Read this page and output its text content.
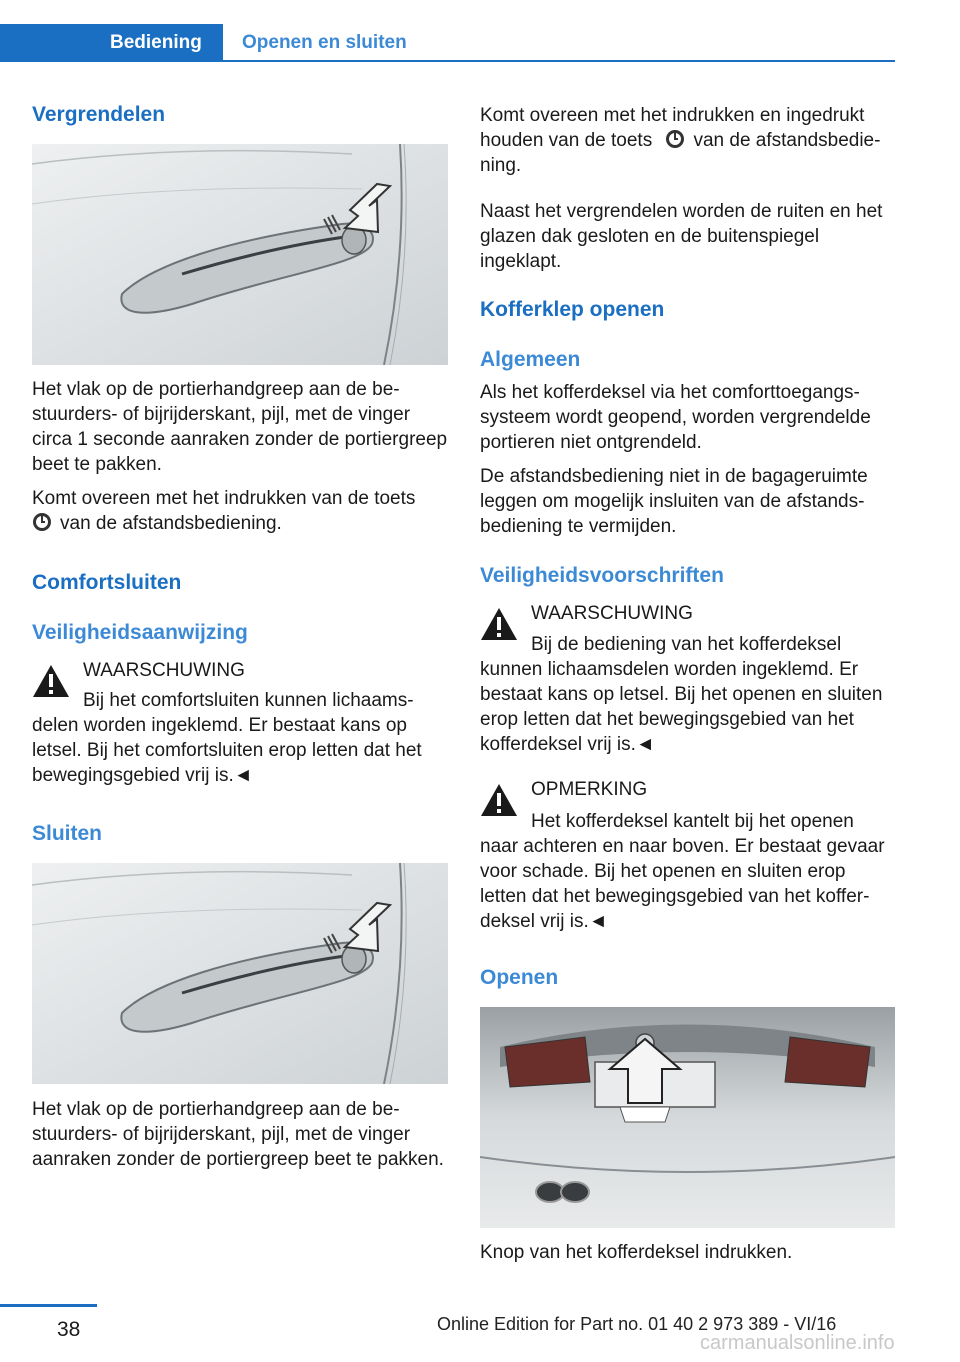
Bediening	Openen en sluiten
Vergrendelen

Het vlak op de portierhandgreep aan de bestuurders- of bijrijderskant, pijl, met de vinger circa 1 seconde aanraken zonder de portiergreep beet te pakken.

Komt overeen met het indrukken van de toets
van de afstandsbediening.

Comfortsluiten
Veiligheidsaanwijzing
WAARSCHUWING

Bij het comfortsluiten kunnen lichaamsdelen worden ingeklemd. Er bestaat kans op letsel. Bij het comfortsluiten erop letten dat het bewegingsgebied vrij is.◄

Sluiten

Het vlak op de portierhandgreep aan de bestuurders- of bijrijderskant, pijl, met de vinger aanraken zonder de portiergreep beet te pakken.

Komt overeen met het indrukken en ingedrukt houden van de toets van de afstandsbediening.

Naast het vergrendelen worden de ruiten en het glazen dak gesloten en de buitenspiegel ingeklapt.

Kofferklep openen
Algemeen

Als het kofferdeksel via het comforttoegangssysteem wordt geopend, worden vergrendelde portieren niet ontgrendeld.

De afstandsbediening niet in de bagageruimte leggen om mogelijk insluiten van de afstandsbediening te vermijden.

Veiligheidsvoorschriften
WAARSCHUWING

Bij de bediening van het kofferdeksel kunnen lichaamsdelen worden ingeklemd. Er bestaat kans op letsel. Bij het openen en sluiten erop letten dat het bewegingsgebied van het kofferdeksel vrij is.◄

OPMERKING

Het kofferdeksel kantelt bij het openen naar achteren en naar boven. Er bestaat gevaar voor schade. Bij het openen en sluiten erop letten dat het bewegingsgebied van het kofferdeksel vrij is.◄

Openen

Knop van het kofferdeksel indrukken.

38	Online Edition for Part no. 01 40 2 973 389 - VI/16
carmanualsonline.info
